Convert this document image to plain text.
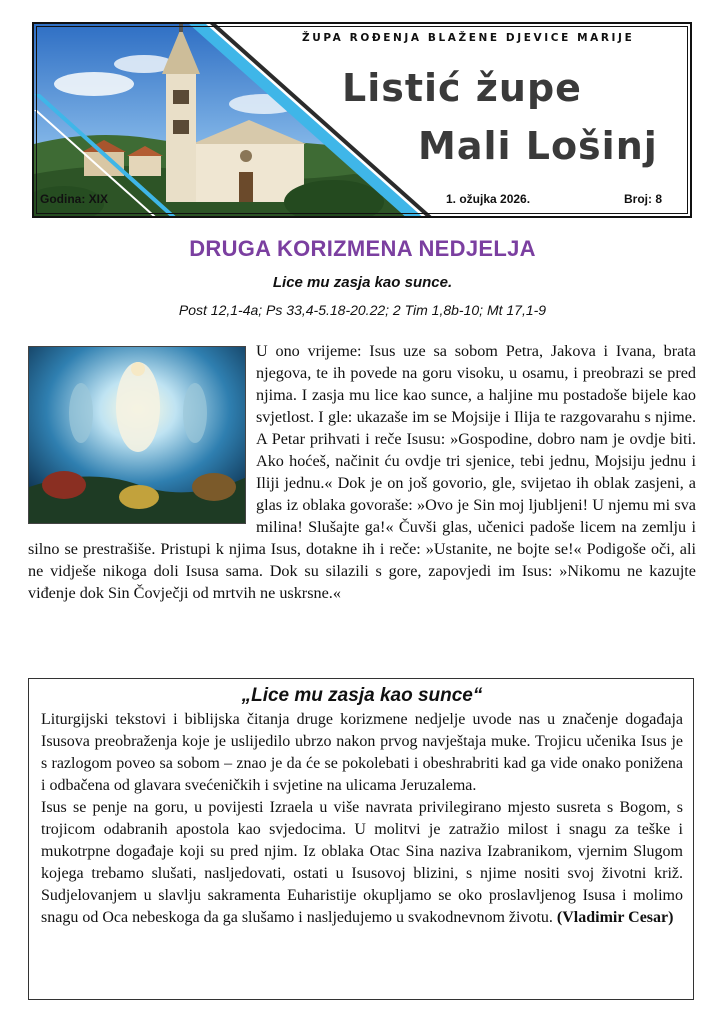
ŽUPA ROĐENJA BLAŽENE DJEVICE MARIJE
Listić župe
Mali Lošinj
Godina: XIX	1. ožujka 2026.	Broj: 8
DRUGA KORIZMENA NEDJELJA
Lice mu zasja kao sunce.
Post 12,1-4a; Ps 33,4-5.18-20.22; 2 Tim 1,8b-10; Mt 17,1-9
U ono vrijeme: Isus uze sa sobom Petra, Jakova i Ivana, brata njegova, te ih povede na goru visoku, u osamu, i preobrazi se pred njima. I zasja mu lice kao sunce, a haljine mu postadoše bijele kao svjetlost. I gle: ukazaše im se Mojsije i Ilija te razgovarahu s njime. A Petar prihvati i reče Isusu: »Gospodine, dobro nam je ovdje biti. Ako hoćeš, načinit ću ovdje tri sjenice, tebi jednu, Mojsiju jednu i Iliji jednu.« Dok je on još govorio, gle, svijetao ih oblak zasjeni, a glas iz oblaka govoraše: »Ovo je Sin moj ljubljeni! U njemu mi sva milina! Slušajte ga!« Čuvši glas, učenici padoše licem na zemlju i silno se prestrašiše. Pristupi k njima Isus, dotakne ih i reče: »Ustanite, ne bojte se!« Podigoše oči, ali ne vidješe nikoga doli Isusa sama. Dok su silazili s gore, zapovjedi im Isus: »Nikomu ne kazujte viđenje dok Sin Čovječji od mrtvih ne uskrsne.«
„Lice mu zasja kao sunce“

Liturgijski tekstovi i biblijska čitanja druge korizmene nedjelje uvode nas u značenje događaja Isusova preobraženja koje je uslijedilo ubrzo nakon prvog navještaja muke. Trojicu učenika Isus je s razlogom poveo sa sobom – znao je da će se pokolebati i obeshrabriti kad ga vide onako ponižena i odbačena od glavara svećeničkih i svjetine na ulicama Jeruzalema.

Isus se penje na goru, u povijesti Izraela u više navrata privilegirano mjesto susreta s Bogom, s trojicom odabranih apostola kao svjedocima. U molitvi je zatražio milost i snagu za teške i mukotrpne događaje koji su pred njim. Iz oblaka Otac Sina naziva Izabranikom, vjernim Slugom kojega trebamo slušati, nasljedovati, ostati u Isusovoj blizini, s njime nositi svoj životni križ. Sudjelovanjem u slavlju sakramenta Euharistije okupljamo se oko proslavljenog Isusa i molimo snagu od Oca nebeskoga da ga slušamo i nasljedujemo u svakodnevnom životu. (Vladimir Cesar)
